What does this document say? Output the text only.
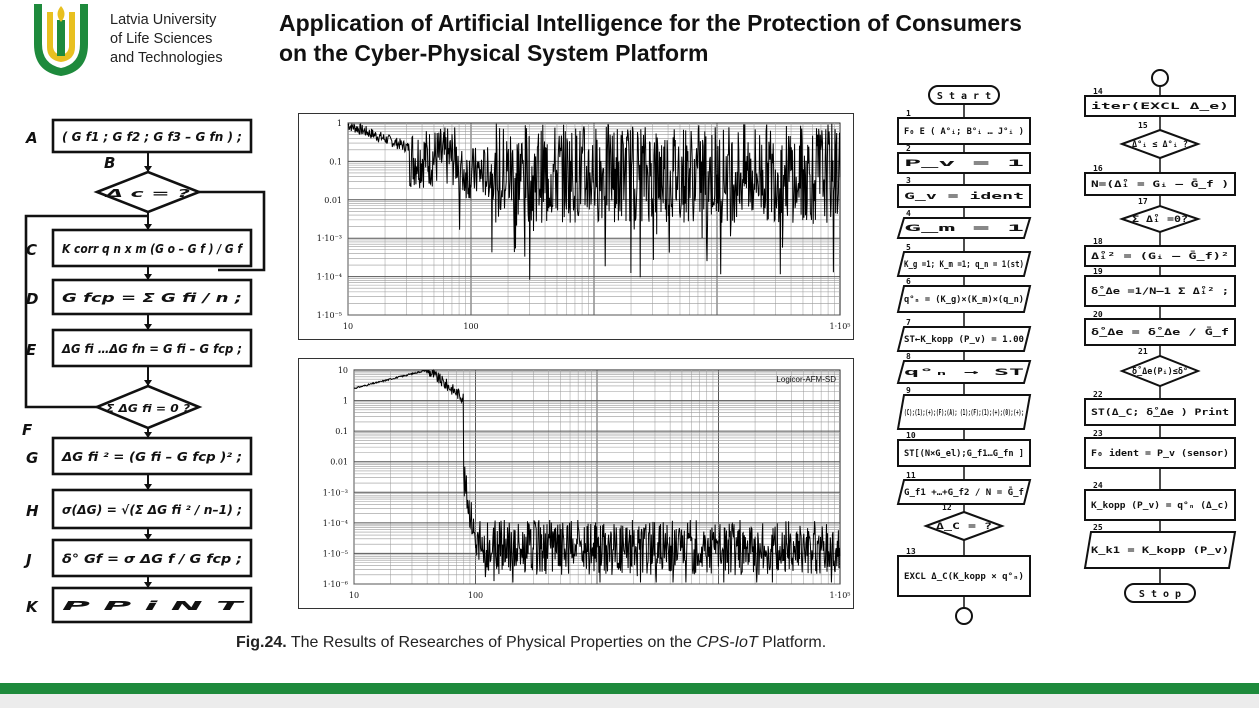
Latvia University
of Life Sciences
and Technologies
Application of Artificial Intelligence for the Protection of Consumers
on the Cyber-Physical System Platform
A ( G f1 ; G f2 ; G f3 – G fn ) ;
B
Δ c = ?
C K corr q n x m (G o – G f ) / G f
D G fcp = Σ G fi / n ;
E ΔG fi …ΔG fn = G fi – G fcp ;
F
Σ ΔG fi = 0 ?
G ΔG fi ² = (G fi – G fcp )² ;
H σ(ΔG) = √(Σ ΔG fi ² / n–1) ;
J	δ° Gf = σ ΔG f / G fcp ;
K P P i N T
1
0.1
0.01
1·10⁻³
1·10⁻⁴
1·10⁻⁵
10	100	1·10⁵
10
1
0.1
0.01
1·10⁻³
1·10⁻⁴
1·10⁻⁵
1·10⁻⁶
10	100	1·10⁵
Logicor-AFM-SD
S t a r t
1
F₀ E ( A°ᵢ; B°ᵢ … J°ᵢ )
2
P_v = 1
3
G_v = ident
4
G_m = 1
5
K_g =1; K_m =1; q_n = 1(st)
6
q°ₙ = (K_g)×(K_m)×(q_n)
7
ST←K_kopp (P_v) = 1.00
8
q°ₙ → ST
9
(C);(1);(+);(F);(A); (1);(F);(1);(+);(0);(+);
10
ST[(N×G_el);G_f1…G_fn ]
11
G_f1 +…+G_f2 / N = Ḡ_f
12
Δ_C = ?
13
EXCL Δ_C(K_kopp × q°ₙ)
14
iter(EXCL Δ_e)
15
Δ°ᵢ ≤ Δ°ᵢ ?
16
N=(Δ̊ᵢ = Gᵢ – Ḡ_f )
17
Σ Δ̊ᵢ =0?
18
Δ̊ᵢ² = (Gᵢ – Ḡ_f)²
19
δ̊_Δe =1/N–1 Σ Δ̊ᵢ² ;
20
δ̊_Δe = δ̊_Δe / Ḡ_f
21
δ̊_Δe(Pᵢ)≤δ°
22
ST(Δ_C; δ̊_Δe ) Print
23
F₀ ident = P_v (sensor)
24
K_kopp (P_v) = q°ₙ (Δ_c)
25
K_k1 = K_kopp (P_v)
S t o p
Fig.24. The Results of Researches of Physical Properties on the CPS-IoT Platform.
